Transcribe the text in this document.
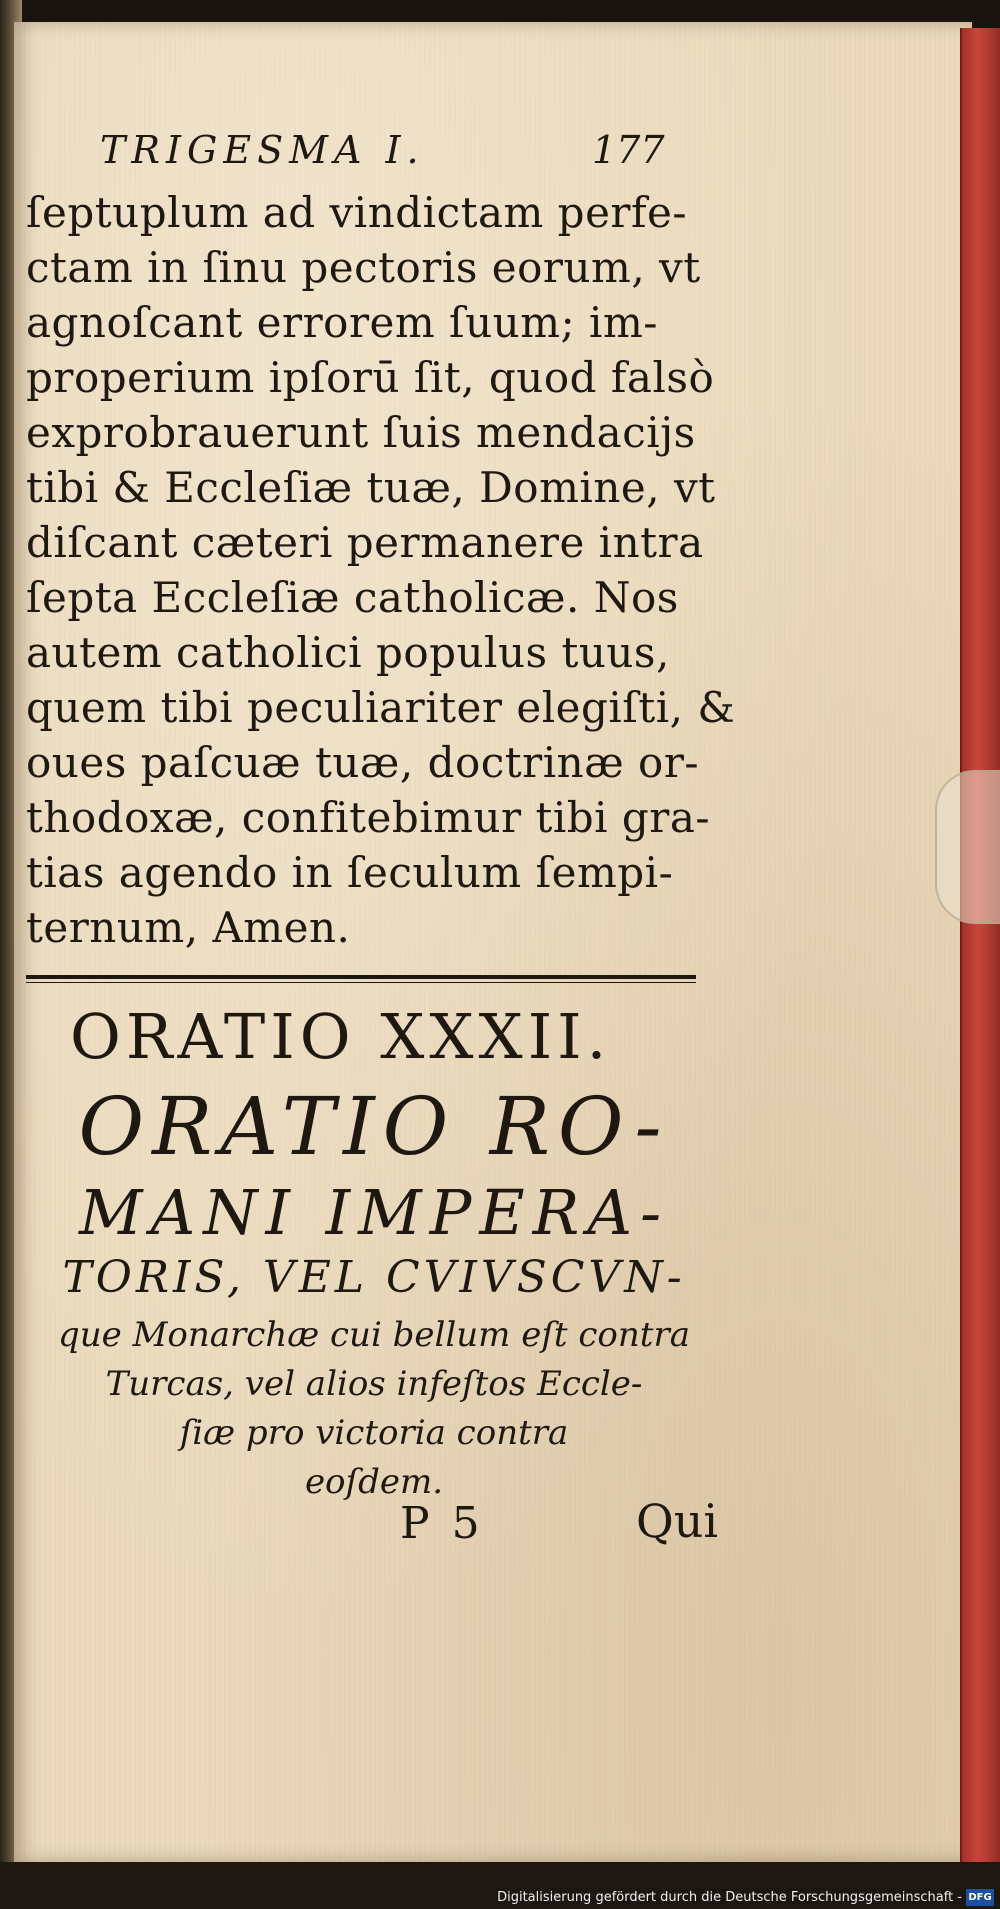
TRIGESMA I.	177
ſeptuplum ad vindictam perfe-
ctam in ſinu pectoris eorum, vt
agnoſcant errorem ſuum; im-
properium ipſorū ſit, quod falsò
exprobrauerunt ſuis mendacijs
tibi & Eccleſiæ tuæ, Domine, vt
diſcant cæteri permanere intra
ſepta Eccleſiæ catholicæ. Nos
autem catholici populus tuus,
quem tibi peculiariter elegiſti, &
oues paſcuæ tuæ, doctrinæ or-
thodoxæ, confitebimur tibi gra-
tias agendo in ſeculum ſempi-
ternum, Amen.
ORATIO XXXII.
ORATIO RO-
MANI IMPERA-
TORIS, VEL CVIVSCVN-
que Monarchæ cui bellum eſt contra
Turcas, vel alios infeſtos Eccle-
ſiæ pro victoria contra
eoſdem.
P 5	Qui
Digitalisierung gefördert durch die Deutsche Forschungsgemeinschaft - DFG
